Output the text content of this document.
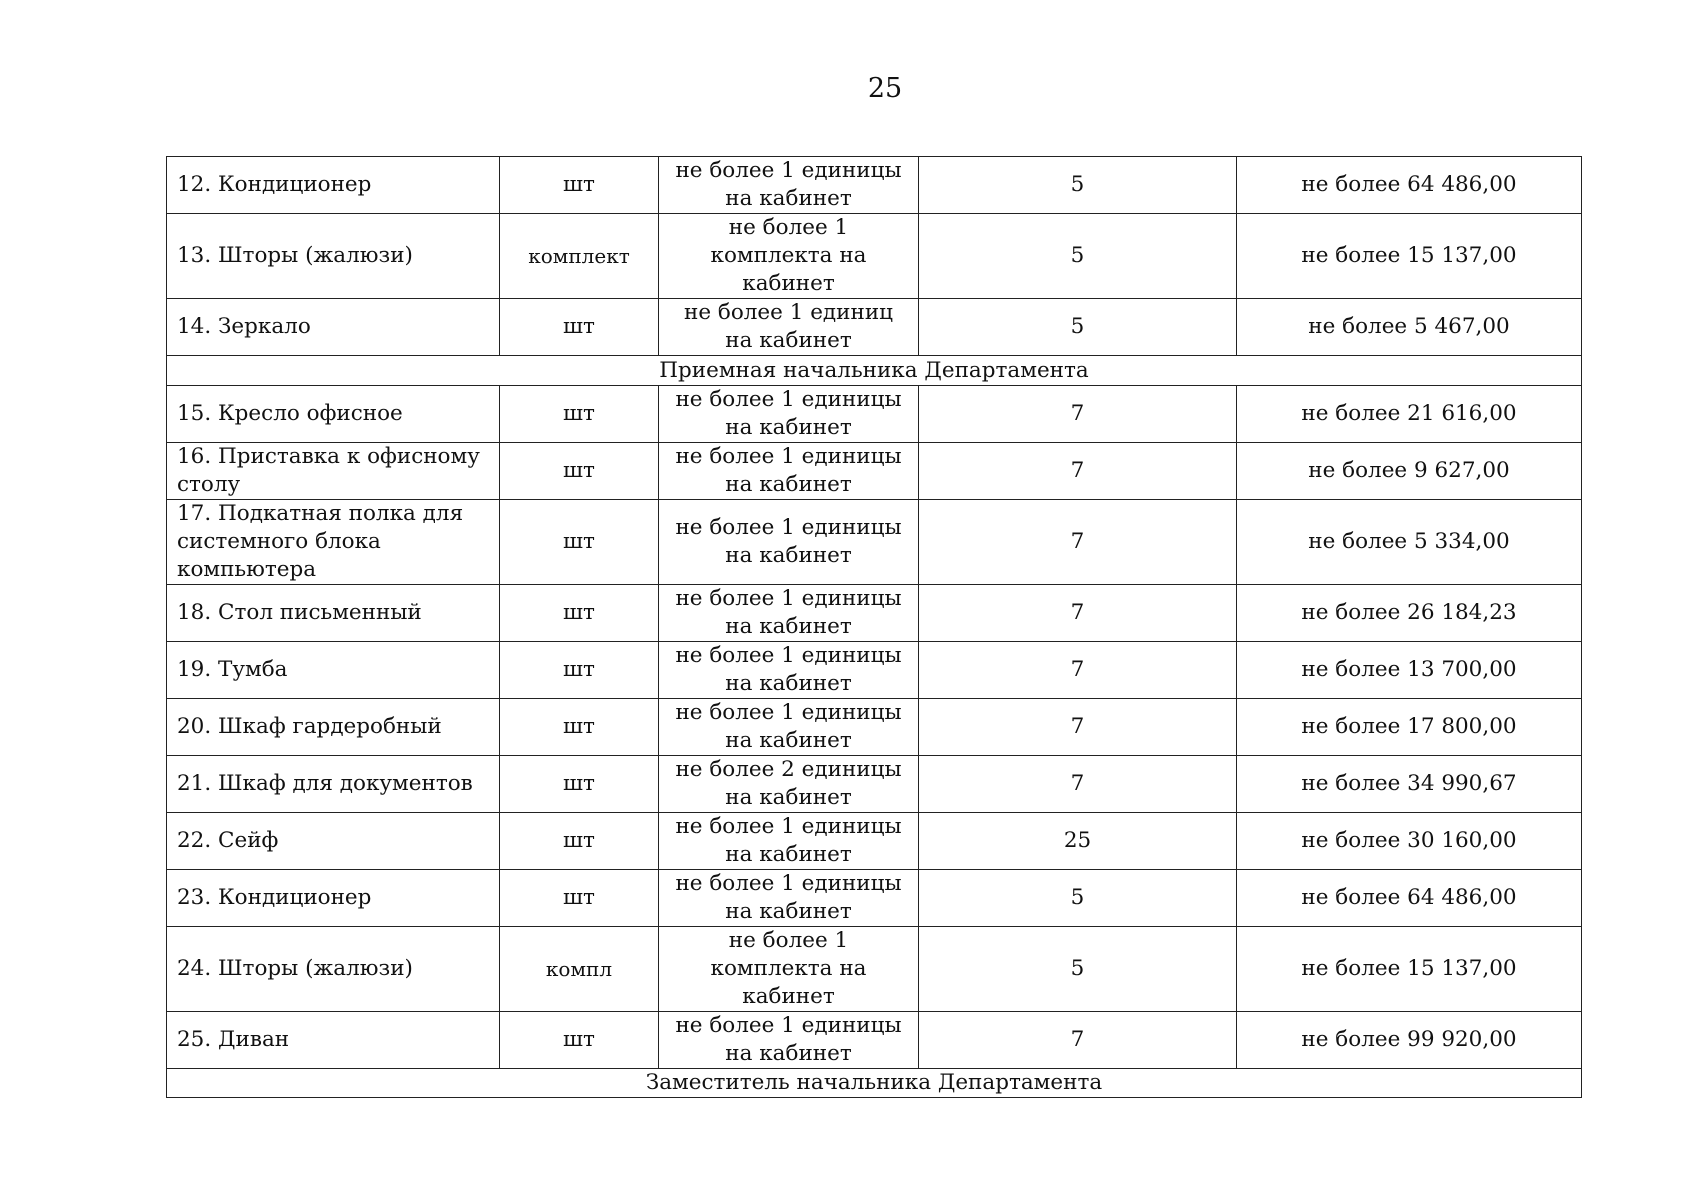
25
12. Кондиционер	шт	не более 1 единицы на кабинет	5	не более 64 486,00
13. Шторы (жалюзи)	комплект	не более 1 комплекта на кабинет	5	не более 15 137,00
14. Зеркало	шт	не более 1 единиц на кабинет	5	не более 5 467,00
Приемная начальника Департамента				
15. Кресло офисное	шт	не более 1 единицы на кабинет	7	не более 21 616,00
16. Приставка к офисному столу	шт	не более 1 единицы на кабинет	7	не более 9 627,00
17. Подкатная полка для системного блока компьютера	шт	не более 1 единицы на кабинет	7	не более 5 334,00
18. Стол письменный	шт	не более 1 единицы на кабинет	7	не более 26 184,23
19. Тумба	шт	не более 1 единицы на кабинет	7	не более 13 700,00
20. Шкаф гардеробный	шт	не более 1 единицы на кабинет	7	не более 17 800,00
21. Шкаф для документов	шт	не более 2 единицы на кабинет	7	не более 34 990,67
22. Сейф	шт	не более 1 единицы на кабинет	25	не более 30 160,00
23. Кондиционер	шт	не более 1 единицы на кабинет	5	не более 64 486,00
24. Шторы (жалюзи)	компл	не более 1 комплекта на кабинет	5	не более 15 137,00
25. Диван	шт	не более 1 единицы на кабинет	7	не более 99 920,00
Заместитель начальника Департамента				
